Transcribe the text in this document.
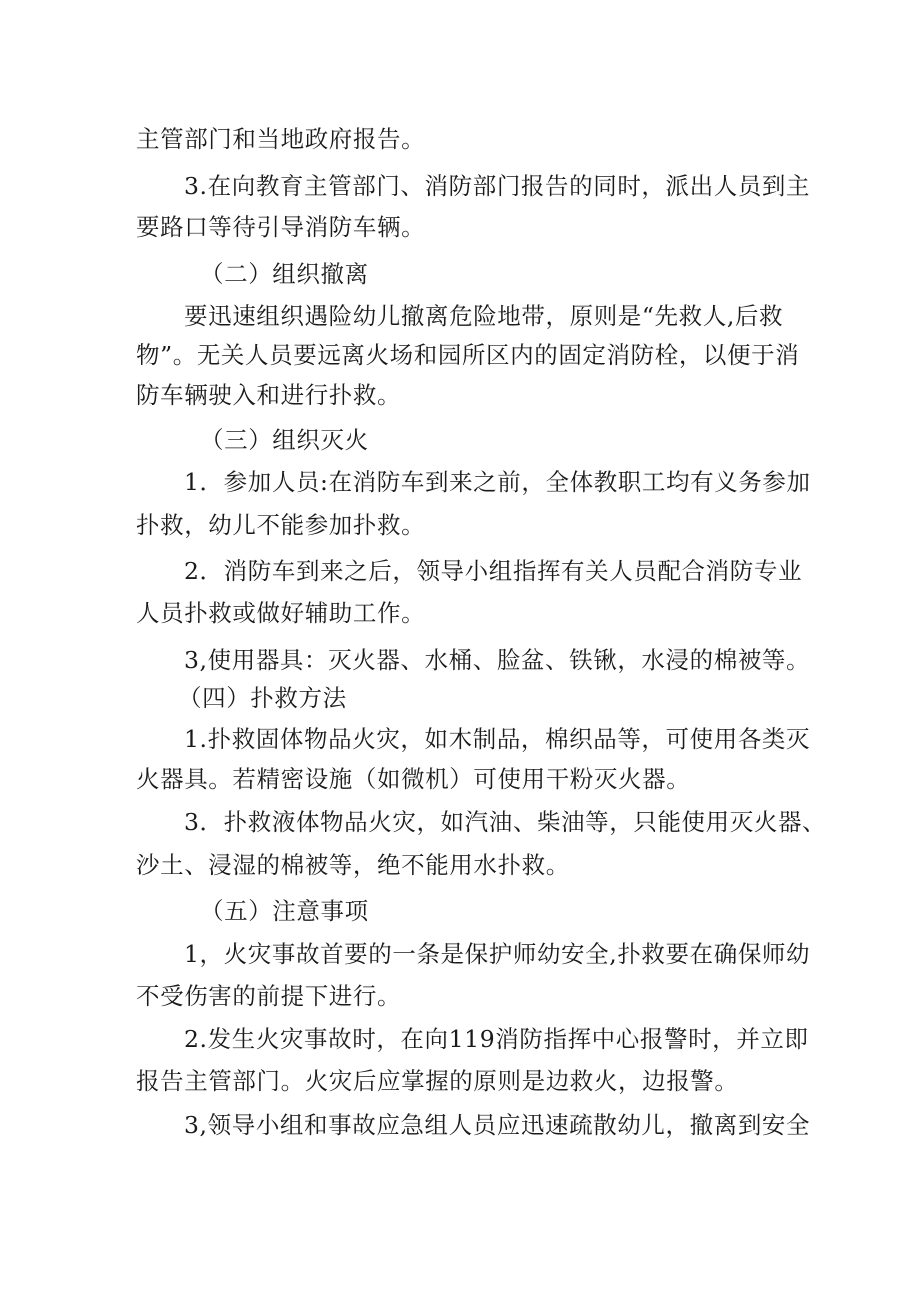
主管部门和当地政府报告。
3.在向教育主管部门、消防部门报告的同时，派出人员到主
要路口等待引导消防车辆。
（二）组织撤离
要迅速组织遇险幼儿撤离危险地带，原则是“先救人,后救
物”。无关人员要远离火场和园所区内的固定消防栓，以便于消
防车辆驶入和进行扑救。
（三）组织灭火
1．参加人员:在消防车到来之前，全体教职工均有义务参加
扑救，幼儿不能参加扑救。
2．消防车到来之后，领导小组指挥有关人员配合消防专业
人员扑救或做好辅助工作。
3,使用器具：灭火器、水桶、脸盆、铁锹，水浸的棉被等。
（四）扑救方法
1.扑救固体物品火灾，如木制品，棉织品等，可使用各类灭
火器具。若精密设施（如微机）可使用干粉灭火器。
3．扑救液体物品火灾，如汽油、柴油等，只能使用灭火器、
沙土、浸湿的棉被等，绝不能用水扑救。
（五）注意事项
1，火灾事故首要的一条是保护师幼安全,扑救要在确保师幼
不受伤害的前提下进行。
2.发生火灾事故时，在向119消防指挥中心报警时，并立即
报告主管部门。火灾后应掌握的原则是边救火，边报警。
3,领导小组和事故应急组人员应迅速疏散幼儿，撤离到安全
